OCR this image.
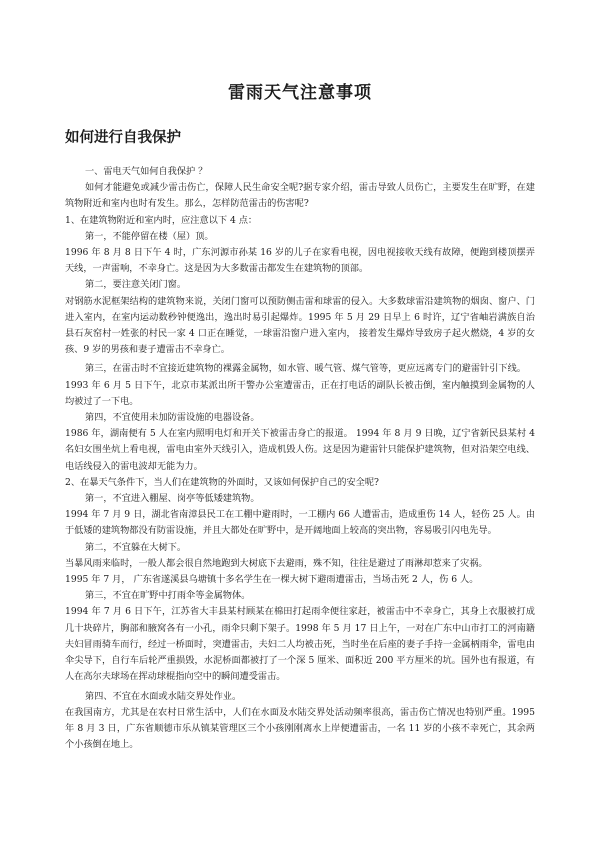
雷雨天气注意事项
如何进行自我保护

一、雷电天气如何自我保护 ？

如何才能避免或减少雷击伤亡，保障人民生命安全呢?据专家介绍，雷击导致人员伤亡，主要发生在旷野，在建筑物附近和室内也时有发生。那么，怎样防范雷击的伤害呢?

1、在建筑物附近和室内时，应注意以下 4 点：

第一，不能停留在楼（屋）顶。

1996 年 8 月 8 日下午 4 时，广东河源市孙某 16 岁的儿子在家看电视，因电视接收天线有故障，便跑到楼顶摆弄天线，一声雷响，不幸身亡。这是因为大多数雷击都发生在建筑物的顶部。

第二，要注意关闭门窗。

对钢筋水泥框架结构的建筑物来说，关闭门窗可以预防侧击雷和球雷的侵入。大多数球雷沿建筑物的烟囱、窗户、门进入室内，在室内运动数秒钟便逸出，逸出时易引起爆炸。1995 年 5 月 29 日早上 6 时许，辽宁省岫岩满族自治县石灰窑村一姓张的村民一家 4 口正在睡觉，一球雷沿窗户进入室内， 接着发生爆炸导致房子起火燃烧，4 岁的女孩、9 岁的男孩和妻子遭雷击不幸身亡。

第三，在雷击时不宜接近建筑物的裸露金属物，如水管、暖气管、煤气管等，更应远离专门的避雷针引下线。

1993 年 6 月 5 日下午，北京市某派出所干警办公室遭雷击，正在打电话的副队长被击倒，室内触摸到金属物的人均被过了一下电。

第四，不宜使用未加防雷设施的电器设备。

1986 年，湖南便有 5 人在室内照明电灯和开关下被雷击身亡的报道。 1994 年 8 月 9 日晚，辽宁省新民县某村 4 名妇女围坐炕上看电视，雷电由室外天线引入，造成机毁人伤。这是因为避雷针只能保护建筑物，但对沿架空电线、电话线侵入的雷电波却无能为力。

2、在暴天气条件下，当人们在建筑物的外面时，又该如何保护自己的安全呢?

第一，不宜进入棚屋、岗亭等低矮建筑物。

1994 年 7 月 9 日，湖北省南漳县民工在工棚中避雨时，一工棚内 66 人遭雷击，造成重伤 14 人，轻伤 25 人。由于低矮的建筑物都没有防雷设施，并且大都处在旷野中，是开阔地面上较高的突出物，容易吸引闪电先导。

第二，不宜躲在大树下。

当暴风雨来临时，一般人都会很自然地跑到大树底下去避雨，殊不知，往往是避过了雨淋却惹来了灾祸。

1995 年 7 月， 广东省遂溪县乌塘镇十多名学生在一棵大树下避雨遭雷击，当场击死 2 人，伤 6 人。

第三，不宜在旷野中打雨伞等金属物体。

1994 年 7 月 6 日下午，江苏省大丰县某村顾某在棉田打起雨伞便往家赶，被雷击中不幸身亡，其身上衣服被打成几十块碎片，胸部和腋窝各有一小孔，雨伞只剩下架子。1998 年 5 月 17 日上午，一对在广东中山市打工的河南籍夫妇冒雨骑车而行，经过一桥面时，突遭雷击，夫妇二人均被击死，当时坐在后座的妻子手持一金属柄雨伞，雷电由伞尖导下，自行车后轮严重损毁，水泥桥面都被打了一个深 5 厘米、面积近 200 平方厘米的坑。国外也有报道，有人在高尔夫球场在挥动球棍指向空中的瞬间遭受雷击。

第四、不宜在水面或水陆交界处作业。

在我国南方，尤其是在农村日常生活中，人们在水面及水陆交界处活动频率很高，雷击伤亡情况也特别严重。1995 年 8 月 3 日，广东省顺德市乐从镇某管理区三个小孩刚刚离水上岸便遭雷击，一名 11 岁的小孩不幸死亡，其余两个小孩倒在地上。
